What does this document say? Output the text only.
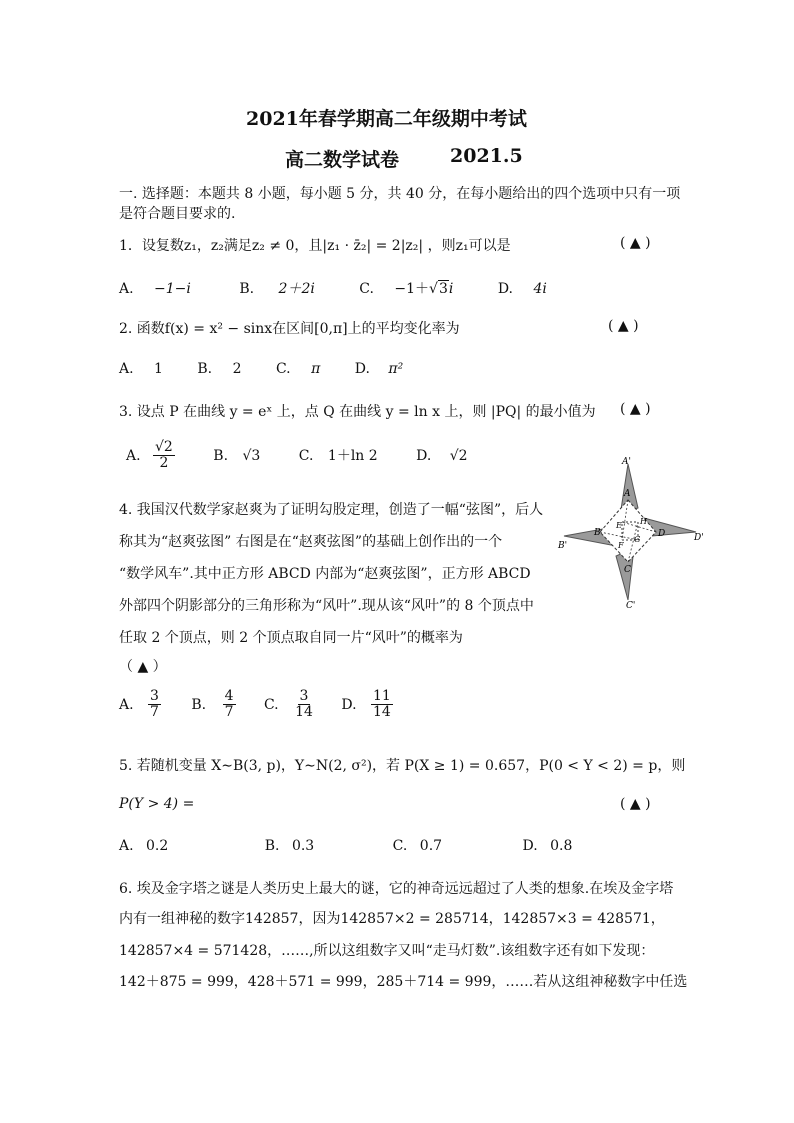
2021年春学期高二年级期中考试
高二数学试卷	2021.5
一. 选择题：本题共 8 小题，每小题 5 分，共 40 分，在每小题给出的四个选项中只有一项
是符合题目要求的.
1．设复数z₁，z₂满足z₂ ≠ 0，且|z₁ · z̄₂| = 2|z₂| ，则z₁可以是	( ▲ )
A. −1−i	B. 2＋2i	C. −1＋√3i	D. 4i
2. 函数f(x) = x² − sinx在区间[0,π]上的平均变化率为	( ▲ )
A. 1 B. 2 C. π D. π²
3. 设点 P 在曲线 y = eˣ 上，点 Q 在曲线 y = ln x 上，则 |PQ| 的最小值为 ( ▲ )
A. $\frac{√2}{2}$	B. √3	C. 1＋ln 2	D. √2
4. 我国汉代数学家赵爽为了证明勾股定理，创造了一幅“弦图”，后人
称其为“赵爽弦图” 右图是在“赵爽弦图”的基础上创作出的一个
“数学风车”.其中正方形 ABCD 内部为“赵爽弦图”，正方形 ABCD
外部四个阴影部分的三角形称为“风叶”.现从该“风叶”的 8 个顶点中
任取 2 个顶点，则 2 个顶点取自同一片“风叶”的概率为
（ ▲ ）
A'
A
E H
B
F
G
D	D'
B'
C
C'
A. $\frac{3}{7} B$. $\frac{4}{7} C$. $\frac{3}{14} D$. $\frac{11}{14}$
5. 若随机变量 X∼B(3, p)，Y∼N(2, σ²)，若 P(X ≥ 1) = 0.657，P(0 < Y < 2) = p，则
P(Y > 4) =	( ▲ )
A. 0.2	B. 0.3	C. 0.7	D. 0.8
6. 埃及金字塔之谜是人类历史上最大的谜，它的神奇远远超过了人类的想象.在埃及金字塔
内有一组神秘的数字142857，因为142857×2 = 285714，142857×3 = 428571，
142857×4 = 571428，……,所以这组数字又叫“走马灯数”.该组数字还有如下发现：
142＋875 = 999，428＋571 = 999，285＋714 = 999，……若从这组神秘数字中任选
